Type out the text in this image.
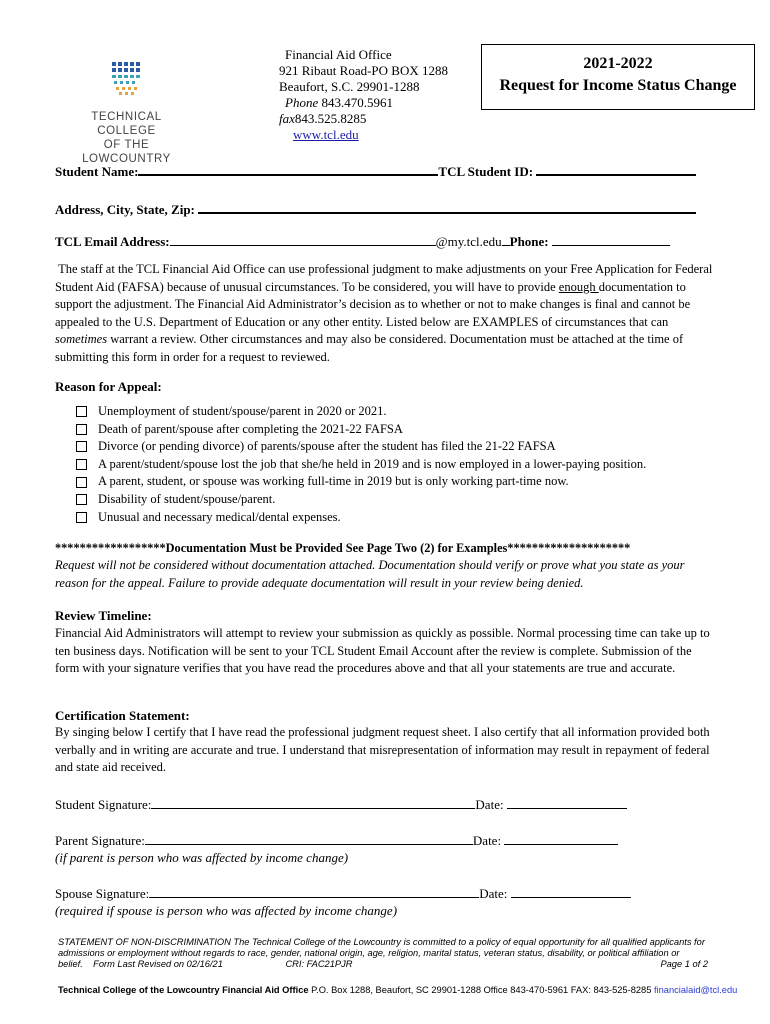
TECHNICAL COLLEGE
OF THE LOWCOUNTRY
Financial Aid Office
921 Ribaut Road-PO BOX 1288
Beaufort, S.C. 29901-1288
Phone 843.470.5961
fax843.525.8285
www.tcl.edu
2021-2022
Request for Income Status Change
Student Name:	TCL Student ID:
Address, City, State, Zip:
TCL Email Address:	@my.tcl.edu Phone:
The staff at the TCL Financial Aid Office can use professional judgment to make adjustments on your Free Application for Federal Student Aid (FAFSA) because of unusual circumstances. To be considered, you will have to provide enough documentation to support the adjustment. The Financial Aid Administrator’s decision as to whether or not to make changes is final and cannot be appealed to the U.S. Department of Education or any other entity. Listed below are EXAMPLES of circumstances that can sometimes warrant a review. Other circumstances and may also be considered. Documentation must be attached at the time of submitting this form in order for a request to reviewed.
Reason for Appeal:
Unemployment of student/spouse/parent in 2020 or 2021.
Death of parent/spouse after completing the 2021-22 FAFSA
Divorce (or pending divorce) of parents/spouse after the student has filed the 21-22 FAFSA
A parent/student/spouse lost the job that she/he held in 2019 and is now employed in a lower-paying position.
A parent, student, or spouse was working full-time in 2019 but is only working part-time now.
Disability of student/spouse/parent.
Unusual and necessary medical/dental expenses.
******************Documentation Must be Provided See Page Two (2) for Examples********************
Request will not be considered without documentation attached. Documentation should verify or prove what you state as your reason for the appeal. Failure to provide adequate documentation will result in your review being denied.
Review Timeline:
Financial Aid Administrators will attempt to review your submission as quickly as possible. Normal processing time can take up to ten business days. Notification will be sent to your TCL Student Email Account after the review is complete. Submission of the form with your signature verifies that you have read the procedures above and that all your statements are true and accurate.
Certification Statement:
By singing below I certify that I have read the professional judgment request sheet. I also certify that all information provided both verbally and in writing are accurate and true. I understand that misrepresentation of information may result in repayment of federal and state aid received.
Student Signature:	Date:
Parent Signature:	Date:
(if parent is person who was affected by income change)
Spouse Signature:	Date:
(required if spouse is person who was affected by income change)
STATEMENT OF NON-DISCRIMINATION The Technical College of the Lowcountry is committed to a policy of equal opportunity for all qualified applicants for admissions or employment without regards to race, gender, national origin, age, religion, marital status, veteran status, disability, or political affiliation or belief. Form Last Revised on 02/16/21	CRI: FAC21PJR	Page 1 of 2
Technical College of the Lowcountry Financial Aid Office P.O. Box 1288, Beaufort, SC 29901-1288 Office 843-470-5961 FAX: 843-525-8285 financialaid@tcl.edu
